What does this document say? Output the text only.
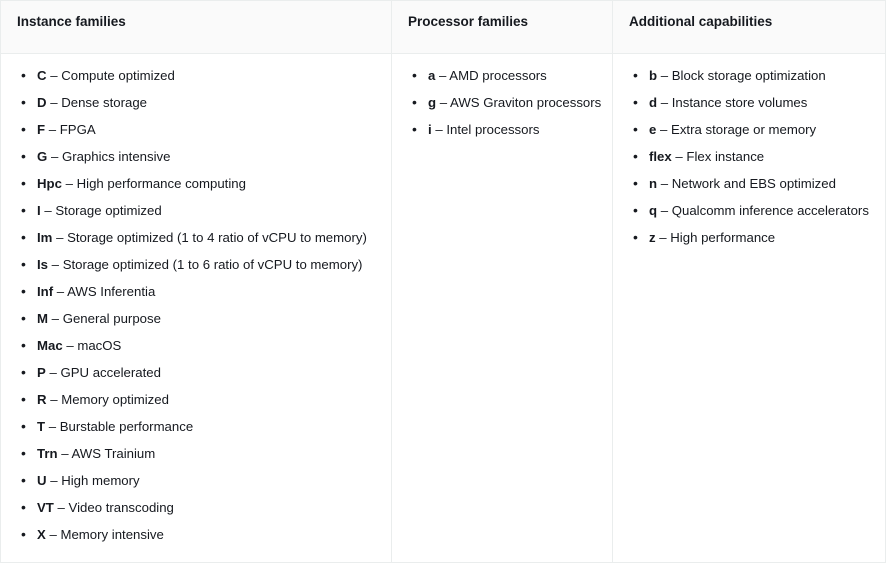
Instance families	Processor families	Additional capabilities

• C – Compute optimized
• D – Dense storage
• F – FPGA
• G – Graphics intensive
• Hpc – High performance computing
• I – Storage optimized
• Im – Storage optimized (1 to 4 ratio of vCPU to memory)
• Is – Storage optimized (1 to 6 ratio of vCPU to memory)
• Inf – AWS Inferentia
• M – General purpose
• Mac – macOS
• P – GPU accelerated
• R – Memory optimized
• T – Burstable performance
• Trn – AWS Trainium
• U – High memory
• VT – Video transcoding
• X – Memory intensive

• a – AMD processors
• g – AWS Graviton processors
• i – Intel processors

• b – Block storage optimization
• d – Instance store volumes
• e – Extra storage or memory
• flex – Flex instance
• n – Network and EBS optimized
• q – Qualcomm inference accelerators
• z – High performance
